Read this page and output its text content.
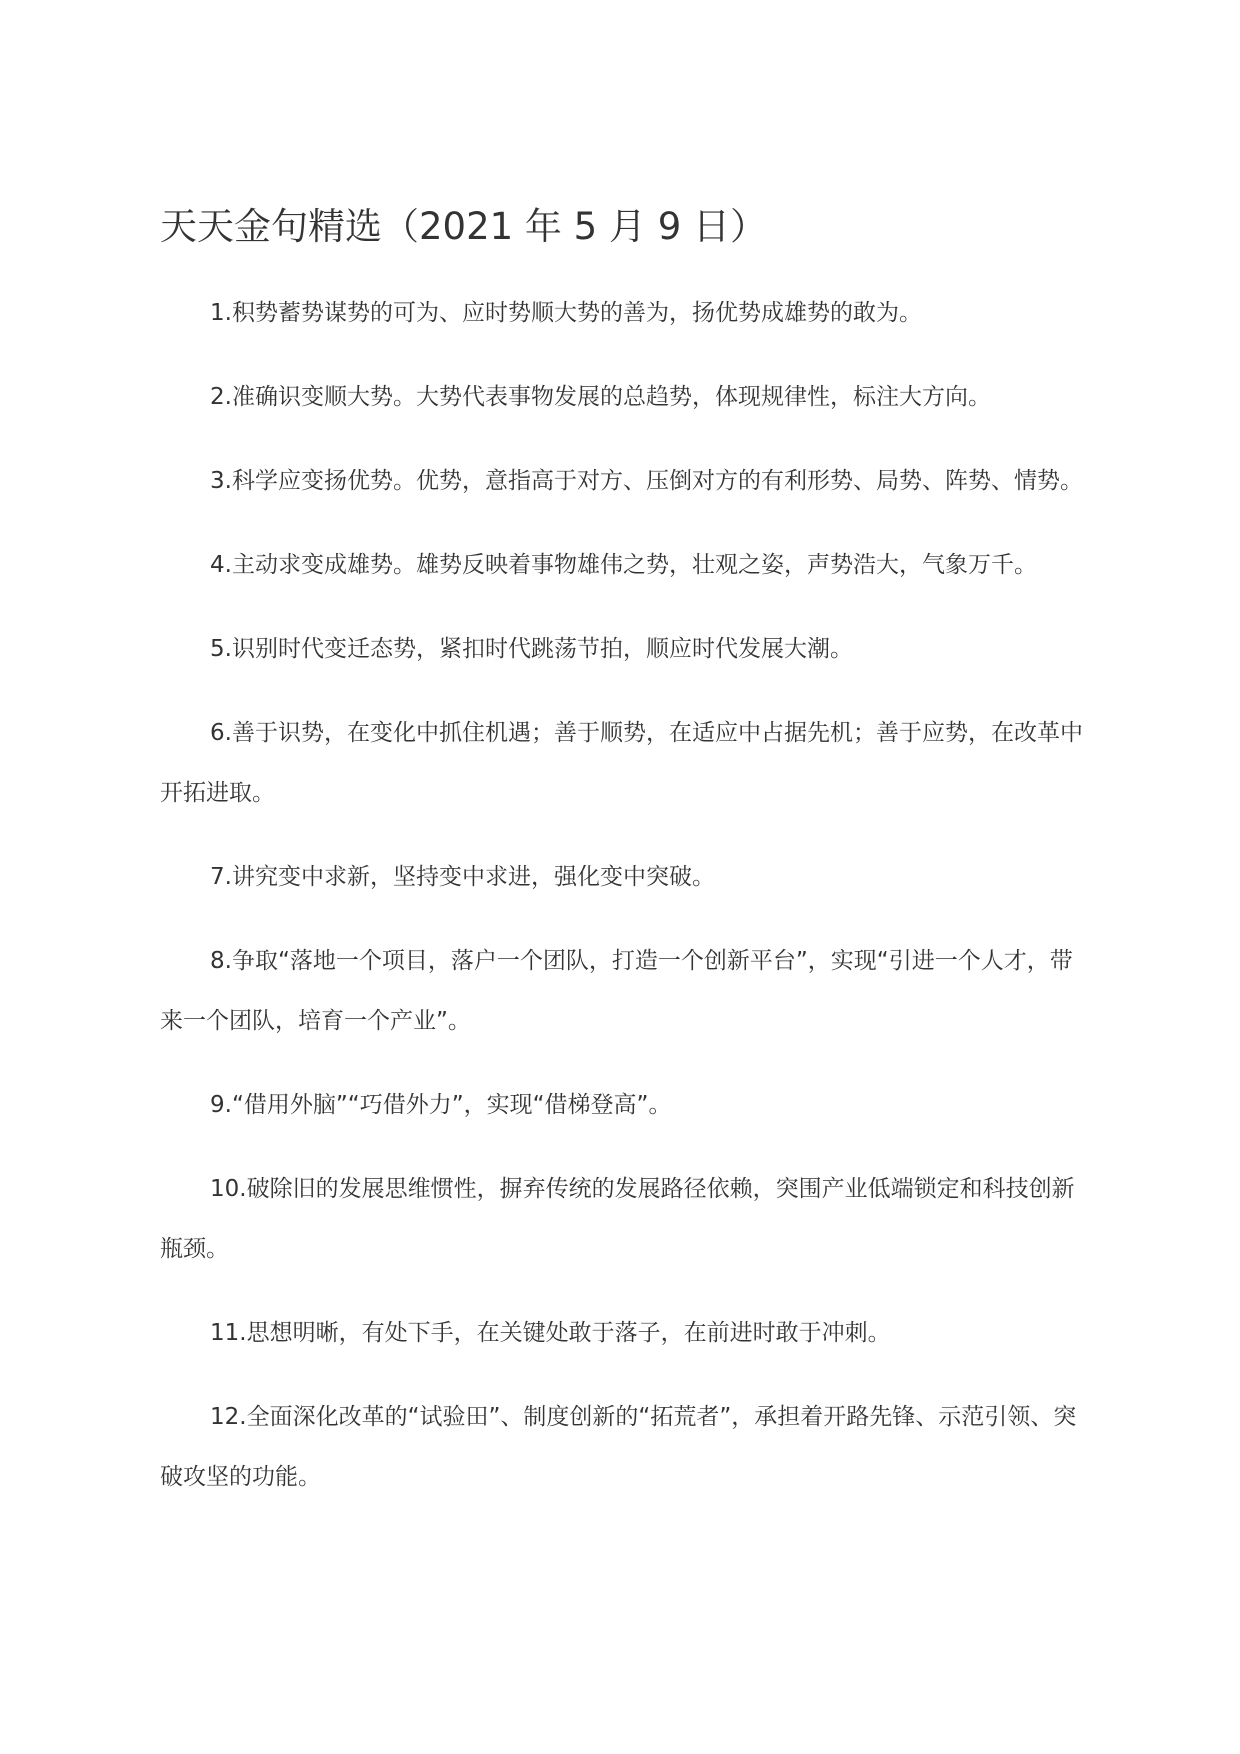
天天金句精选（2021 年 5 月 9 日）

1.积势蓄势谋势的可为、应时势顺大势的善为，扬优势成雄势的敢为。

2.准确识变顺大势。大势代表事物发展的总趋势，体现规律性，标注大方向。

3.科学应变扬优势。优势，意指高于对方、压倒对方的有利形势、局势、阵势、情势。

4.主动求变成雄势。雄势反映着事物雄伟之势，壮观之姿，声势浩大，气象万千。

5.识别时代变迁态势，紧扣时代跳荡节拍，顺应时代发展大潮。

6.善于识势，在变化中抓住机遇；善于顺势，在适应中占据先机；善于应势，在改革中开拓进取。

7.讲究变中求新，坚持变中求进，强化变中突破。

8.争取“落地一个项目，落户一个团队，打造一个创新平台”，实现“引进一个人才，带来一个团队，培育一个产业”。

9.“借用外脑”“巧借外力”，实现“借梯登高”。

10.破除旧的发展思维惯性，摒弃传统的发展路径依赖，突围产业低端锁定和科技创新瓶颈。

11.思想明晰，有处下手，在关键处敢于落子，在前进时敢于冲刺。

12.全面深化改革的“试验田”、制度创新的“拓荒者”，承担着开路先锋、示范引领、突破攻坚的功能。
